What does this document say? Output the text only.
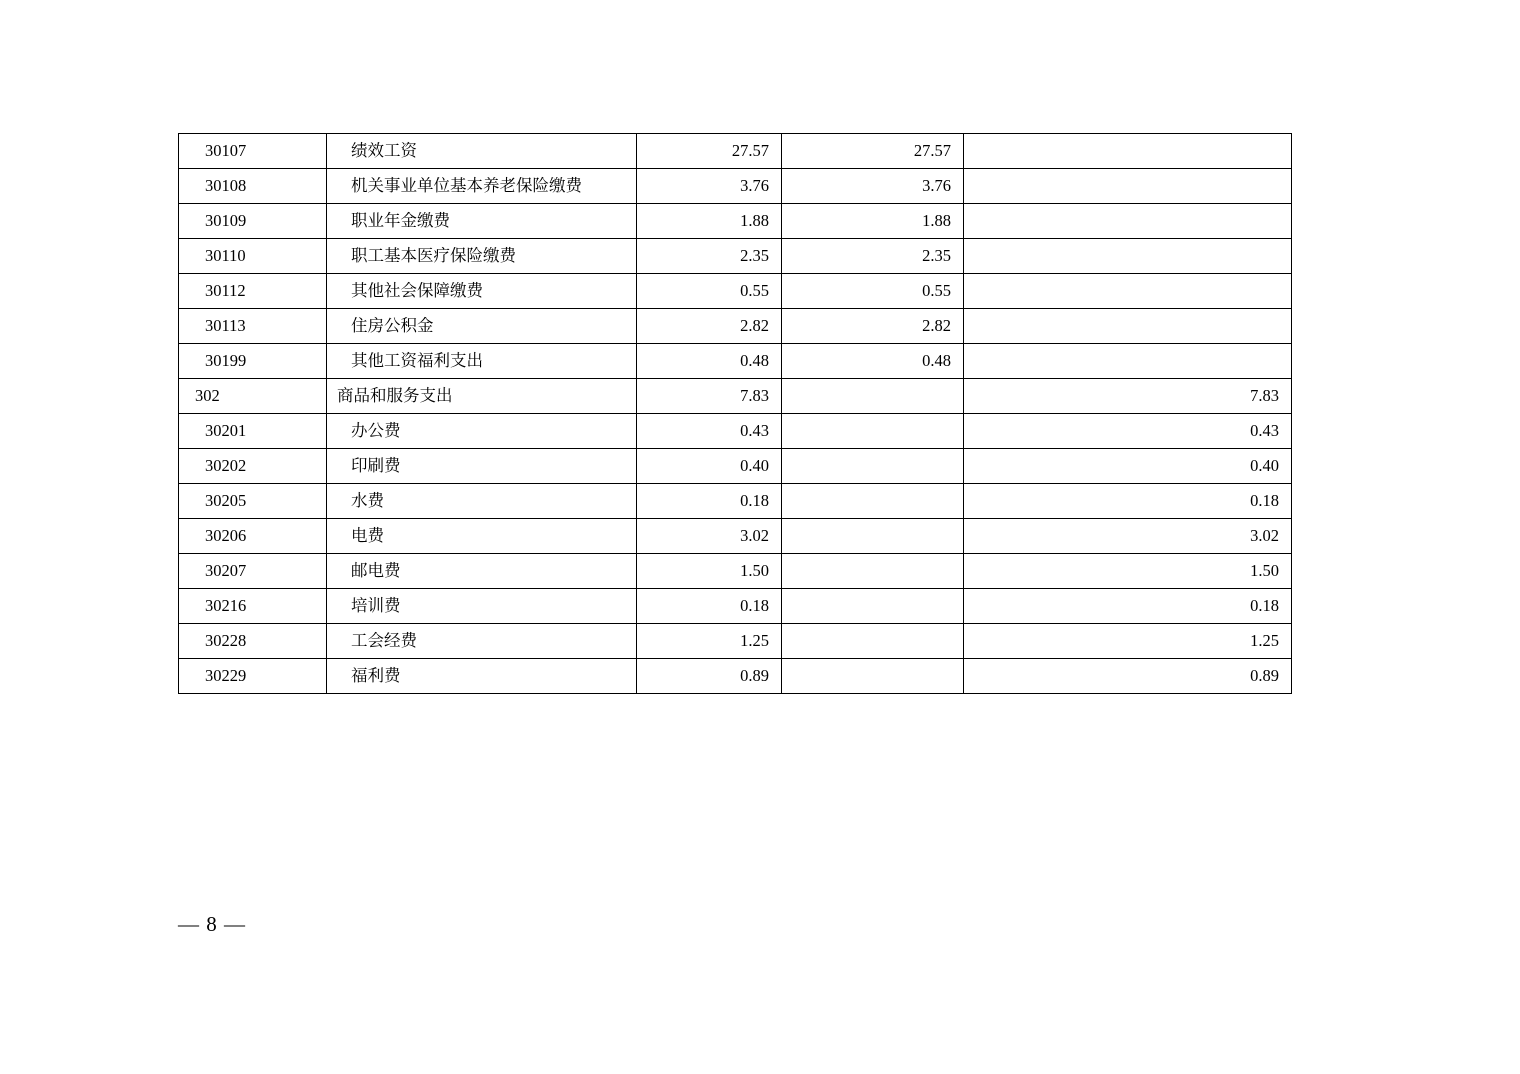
30107	绩效工资	27.57	27.57	
30108	机关事业单位基本养老保险缴费	3.76	3.76	
30109	职业年金缴费	1.88	1.88	
30110	职工基本医疗保险缴费	2.35	2.35	
30112	其他社会保障缴费	0.55	0.55	
30113	住房公积金	2.82	2.82	
30199	其他工资福利支出	0.48	0.48	
302	商品和服务支出	7.83		7.83
30201	办公费	0.43		0.43
30202	印刷费	0.40		0.40
30205	水费	0.18		0.18
30206	电费	3.02		3.02
30207	邮电费	1.50		1.50
30216	培训费	0.18		0.18
30228	工会经费	1.25		1.25
30229	福利费	0.89		0.89
— 8 —
